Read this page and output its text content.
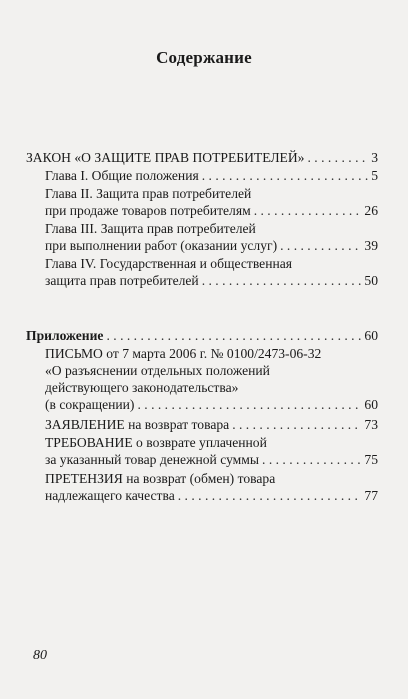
Содержание
ЗАКОН «О ЗАЩИТЕ ПРАВ ПОТРЕБИТЕЛЕЙ» . . .	3
Глава I. Общие положения . . .	5
Глава II. Защита прав потребителей
при продаже товаров потребителям . . .	26
Глава III. Защита прав потребителей
при выполнении работ (оказании услуг) . . .	39
Глава IV. Государственная и общественная
защита прав потребителей . . .	50
Приложение . . .	60
ПИСЬМО от 7 марта 2006 г. № 0100/2473-06-32
«О разъяснении отдельных положений
действующего законодательства»
(в сокращении) . . .	60
ЗАЯВЛЕНИЕ на возврат товара . . .	73
ТРЕБОВАНИЕ о возврате уплаченной
за указанный товар денежной суммы . . .	75
ПРЕТЕНЗИЯ на возврат (обмен) товара
надлежащего качества . . .	77
80
